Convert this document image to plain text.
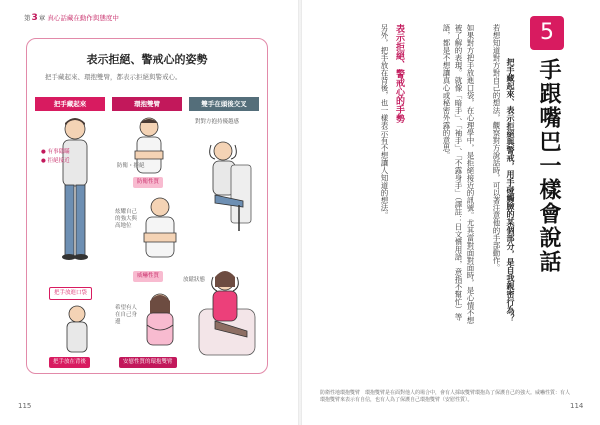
第3章 真心話藏在動作與態度中
表示拒絕、警戒心的姿勢
把手藏起來、環抱雙臂，都表示拒絕與警戒心。
把手藏起來	環抱雙臂	雙手在頭後交叉
● 有事隱瞞
● 拒絕接近
把手放進口袋
把手放在背後
防衛・拒絕
防衛性質
炫耀自己的強大與高地位
威嚇性質
希望有人在自己身邊
安慰性質的環抱雙臂
對對方抱持優越感
放鬆狀態
115
5
手跟嘴巴一樣會說話
把手藏起來、表示拒絕與警戒，用手碰觸臉的某個部分，是自我親密行為？
若想知道對方對自己的想法，觀察對方說話時，可以著注意他的手部動作。
如果對方把手放進口袋，在心理學中，是拒絕接近的訊號。尤其當對面對面時，是心情不想被了解的表現。就像「暗手」、「袖手」、「不露身手」（譯註：日文慣用語，意指不幫忙）等語，都是不想讓真心或秘密外露的意思。
表示拒絕、警戒心的手勢
另外，把手放在背後，也一樣表示有不想讓人知道的想法。
防衛性地環抱雙臂　環抱雙臂是在面對他人的場合中，會有人採取雙臂環抱為了保護自己的強大。威嚇性質：有人環抱雙臂來表示有自信，也有人為了保護自己環抱雙臂（安慰性質）。
114
